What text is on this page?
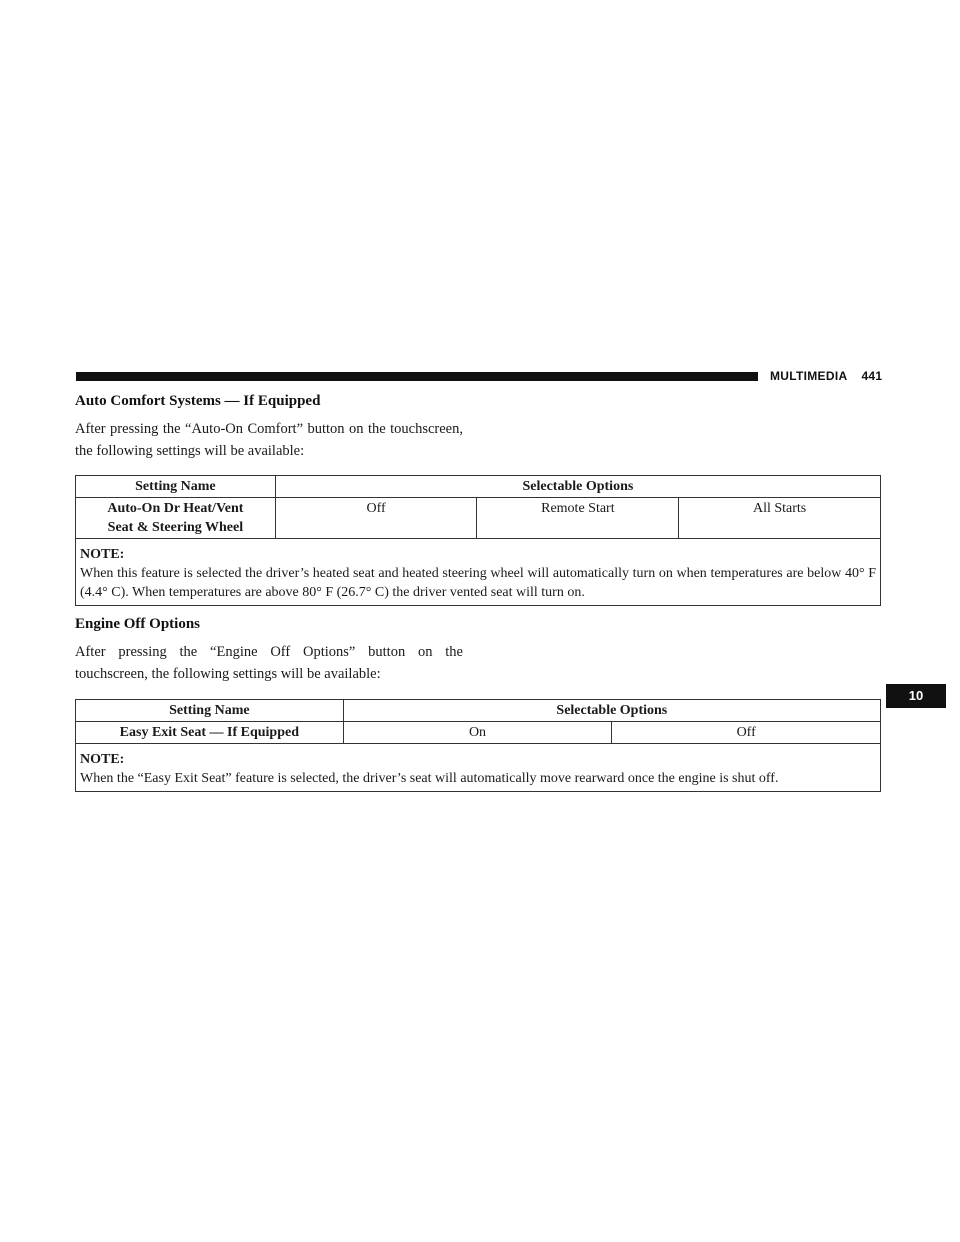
MULTIMEDIA 441
10
Auto Comfort Systems — If Equipped

After pressing the “Auto-On Comfort” button on the touchscreen, the following settings will be available:

Setting Name	Selectable Options		
Auto-On Dr Heat/Vent
Seat & Steering Wheel	Off	Remote Start	All Starts

NOTE:
When this feature is selected the driver’s heated seat and heated steering wheel will automatically turn on when temperatures are below 40° F (4.4° C). When temperatures are above 80° F (26.7° C) the driver vented seat will turn on.			
Engine Off Options

After pressing the “Engine Off Options” button on the touchscreen, the following settings will be available:

Setting Name	Selectable Options	
Easy Exit Seat — If Equipped	On	Off

NOTE:
When the “Easy Exit Seat” feature is selected, the driver’s seat will automatically move rearward once the engine is shut off.		
